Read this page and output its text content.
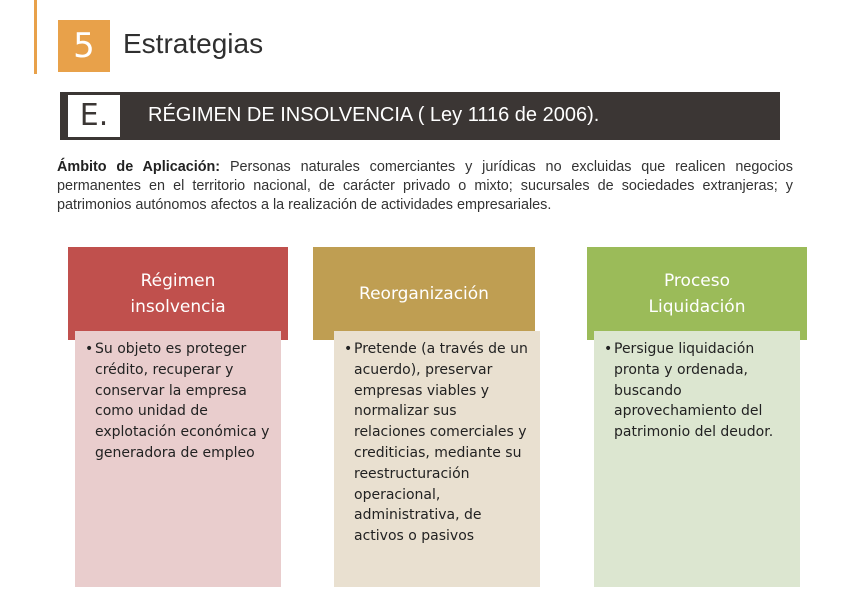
5	Estrategias
E.	RÉGIMEN DE INSOLVENCIA ( Ley 1116 de 2006).
Ámbito de Aplicación: Personas naturales comerciantes y jurídicas no excluidas que realicen negocios permanentes en el territorio nacional, de carácter privado o mixto; sucursales de sociedades extranjeras; y patrimonios autónomos afectos a la realización de actividades empresariales.
Régimen insolvencia
• Su objeto es proteger crédito, recuperar y conservar la empresa como unidad de explotación económica y generadora de empleo
Reorganización
• Pretende (a través de un acuerdo), preservar empresas viables y normalizar sus relaciones comerciales y crediticias, mediante su reestructuración operacional, administrativa, de activos o pasivos
Proceso Liquidación
• Persigue liquidación pronta y ordenada, buscando aprovechamiento del patrimonio del deudor.
